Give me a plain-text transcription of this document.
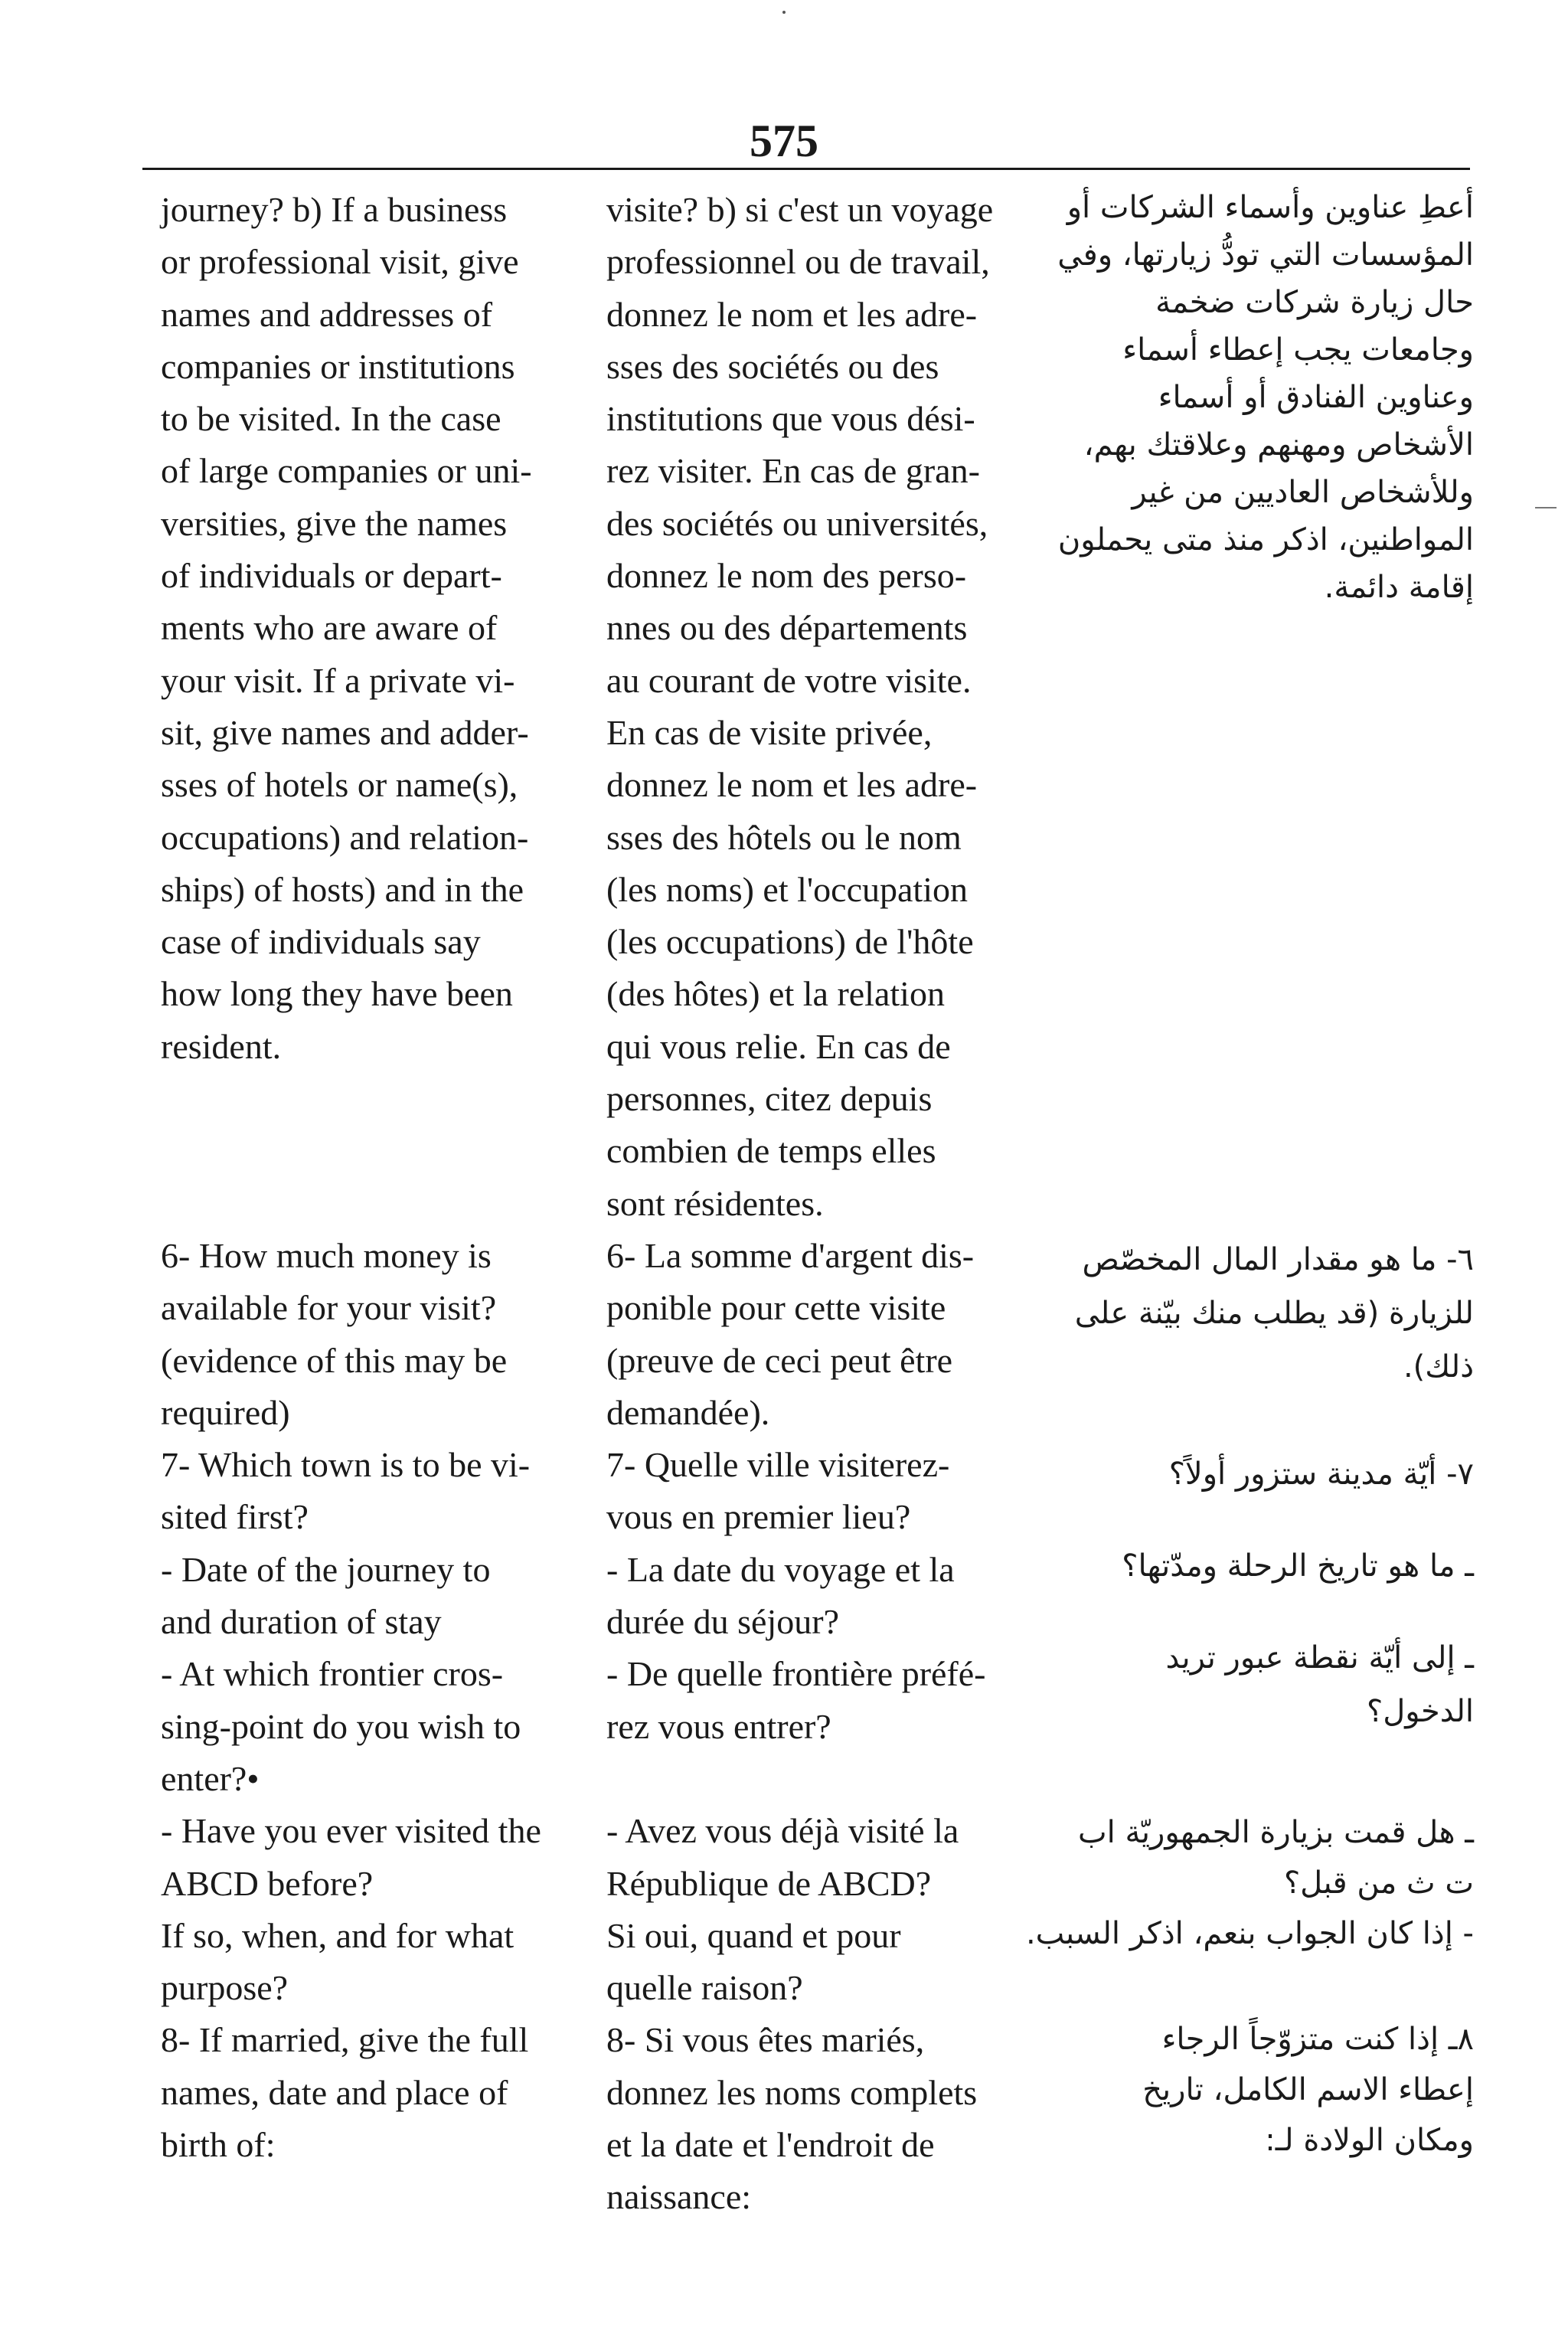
575

journey? b) If a business

or professional visit, give

names and addresses of

companies or institutions

to be visited. In the case

of large companies or uni-

versities, give the names

of individuals or depart-

ments who are aware of

your visit. If a private vi-

sit, give names and adder-

sses of hotels or name(s),

occupations) and relation-

ships) of hosts) and in the

case of individuals say

how long they have been

resident.

6- How much money is

available for your visit?

(evidence of this may be

required)

7- Which town is to be vi-

sited first?

- Date of the journey to

and duration of stay

- At which frontier cros-

sing-point do you wish to

enter?•

- Have you ever visited the

ABCD before?

If so, when, and for what

purpose?

8- If married, give the full

names, date and place of

birth of:

visite? b) si c'est un voyage

professionnel ou de travail,

donnez le nom et les adre-

sses des sociétés ou des

institutions que vous dési-

rez visiter. En cas de gran-

des sociétés ou universités,

donnez le nom des perso-

nnes ou des départements

au courant de votre visite.

En cas de visite privée,

donnez le nom et les adre-

sses des hôtels ou le nom

(les noms) et l'occupation

(les occupations) de l'hôte

(des hôtes) et la relation

qui vous relie. En cas de

personnes, citez depuis

combien de temps elles

sont résidentes.

6- La somme d'argent dis-

ponible pour cette visite

(preuve de ceci peut être

demandée).

7- Quelle ville visiterez-

vous en premier lieu?

- La date du voyage et la

durée du séjour?

- De quelle frontière préfé-

rez vous entrer?

- Avez vous déjà visité la

République de ABCD?

Si oui, quand et pour

quelle raison?

8- Si vous êtes mariés,

donnez les noms complets

et la date et l'endroit de

naissance:

أعطِ عناوين وأسماء الشركات أو

المؤسسات التي تودُّ زيارتها، وفي

حال زيارة شركات ضخمة

وجامعات يجب إعطاء أسماء

وعناوين الفنادق أو أسماء

الأشخاص ومهنهم وعلاقتك بهم،

وللأشخاص العاديين من غير

المواطنين، اذكر منذ متى يحملون

إقامة دائمة.

٦- ما هو مقدار المال المخصّص

للزيارة (قد يطلب منك بيّنة على

ذلك).

٧- أيّة مدينة ستزور أولاً؟

ـ ما هو تاريخ الرحلة ومدّتها؟

ـ إلى أيّة نقطة عبور تريد

الدخول؟

ـ هل قمت بزيارة الجمهوريّة اب

ت ث من قبل؟

- إذا كان الجواب بنعم، اذكر السبب.

٨ـ إذا كنت متزوّجاً الرجاء

إعطاء الاسم الكامل، تاريخ

ومكان الولادة لـ:
